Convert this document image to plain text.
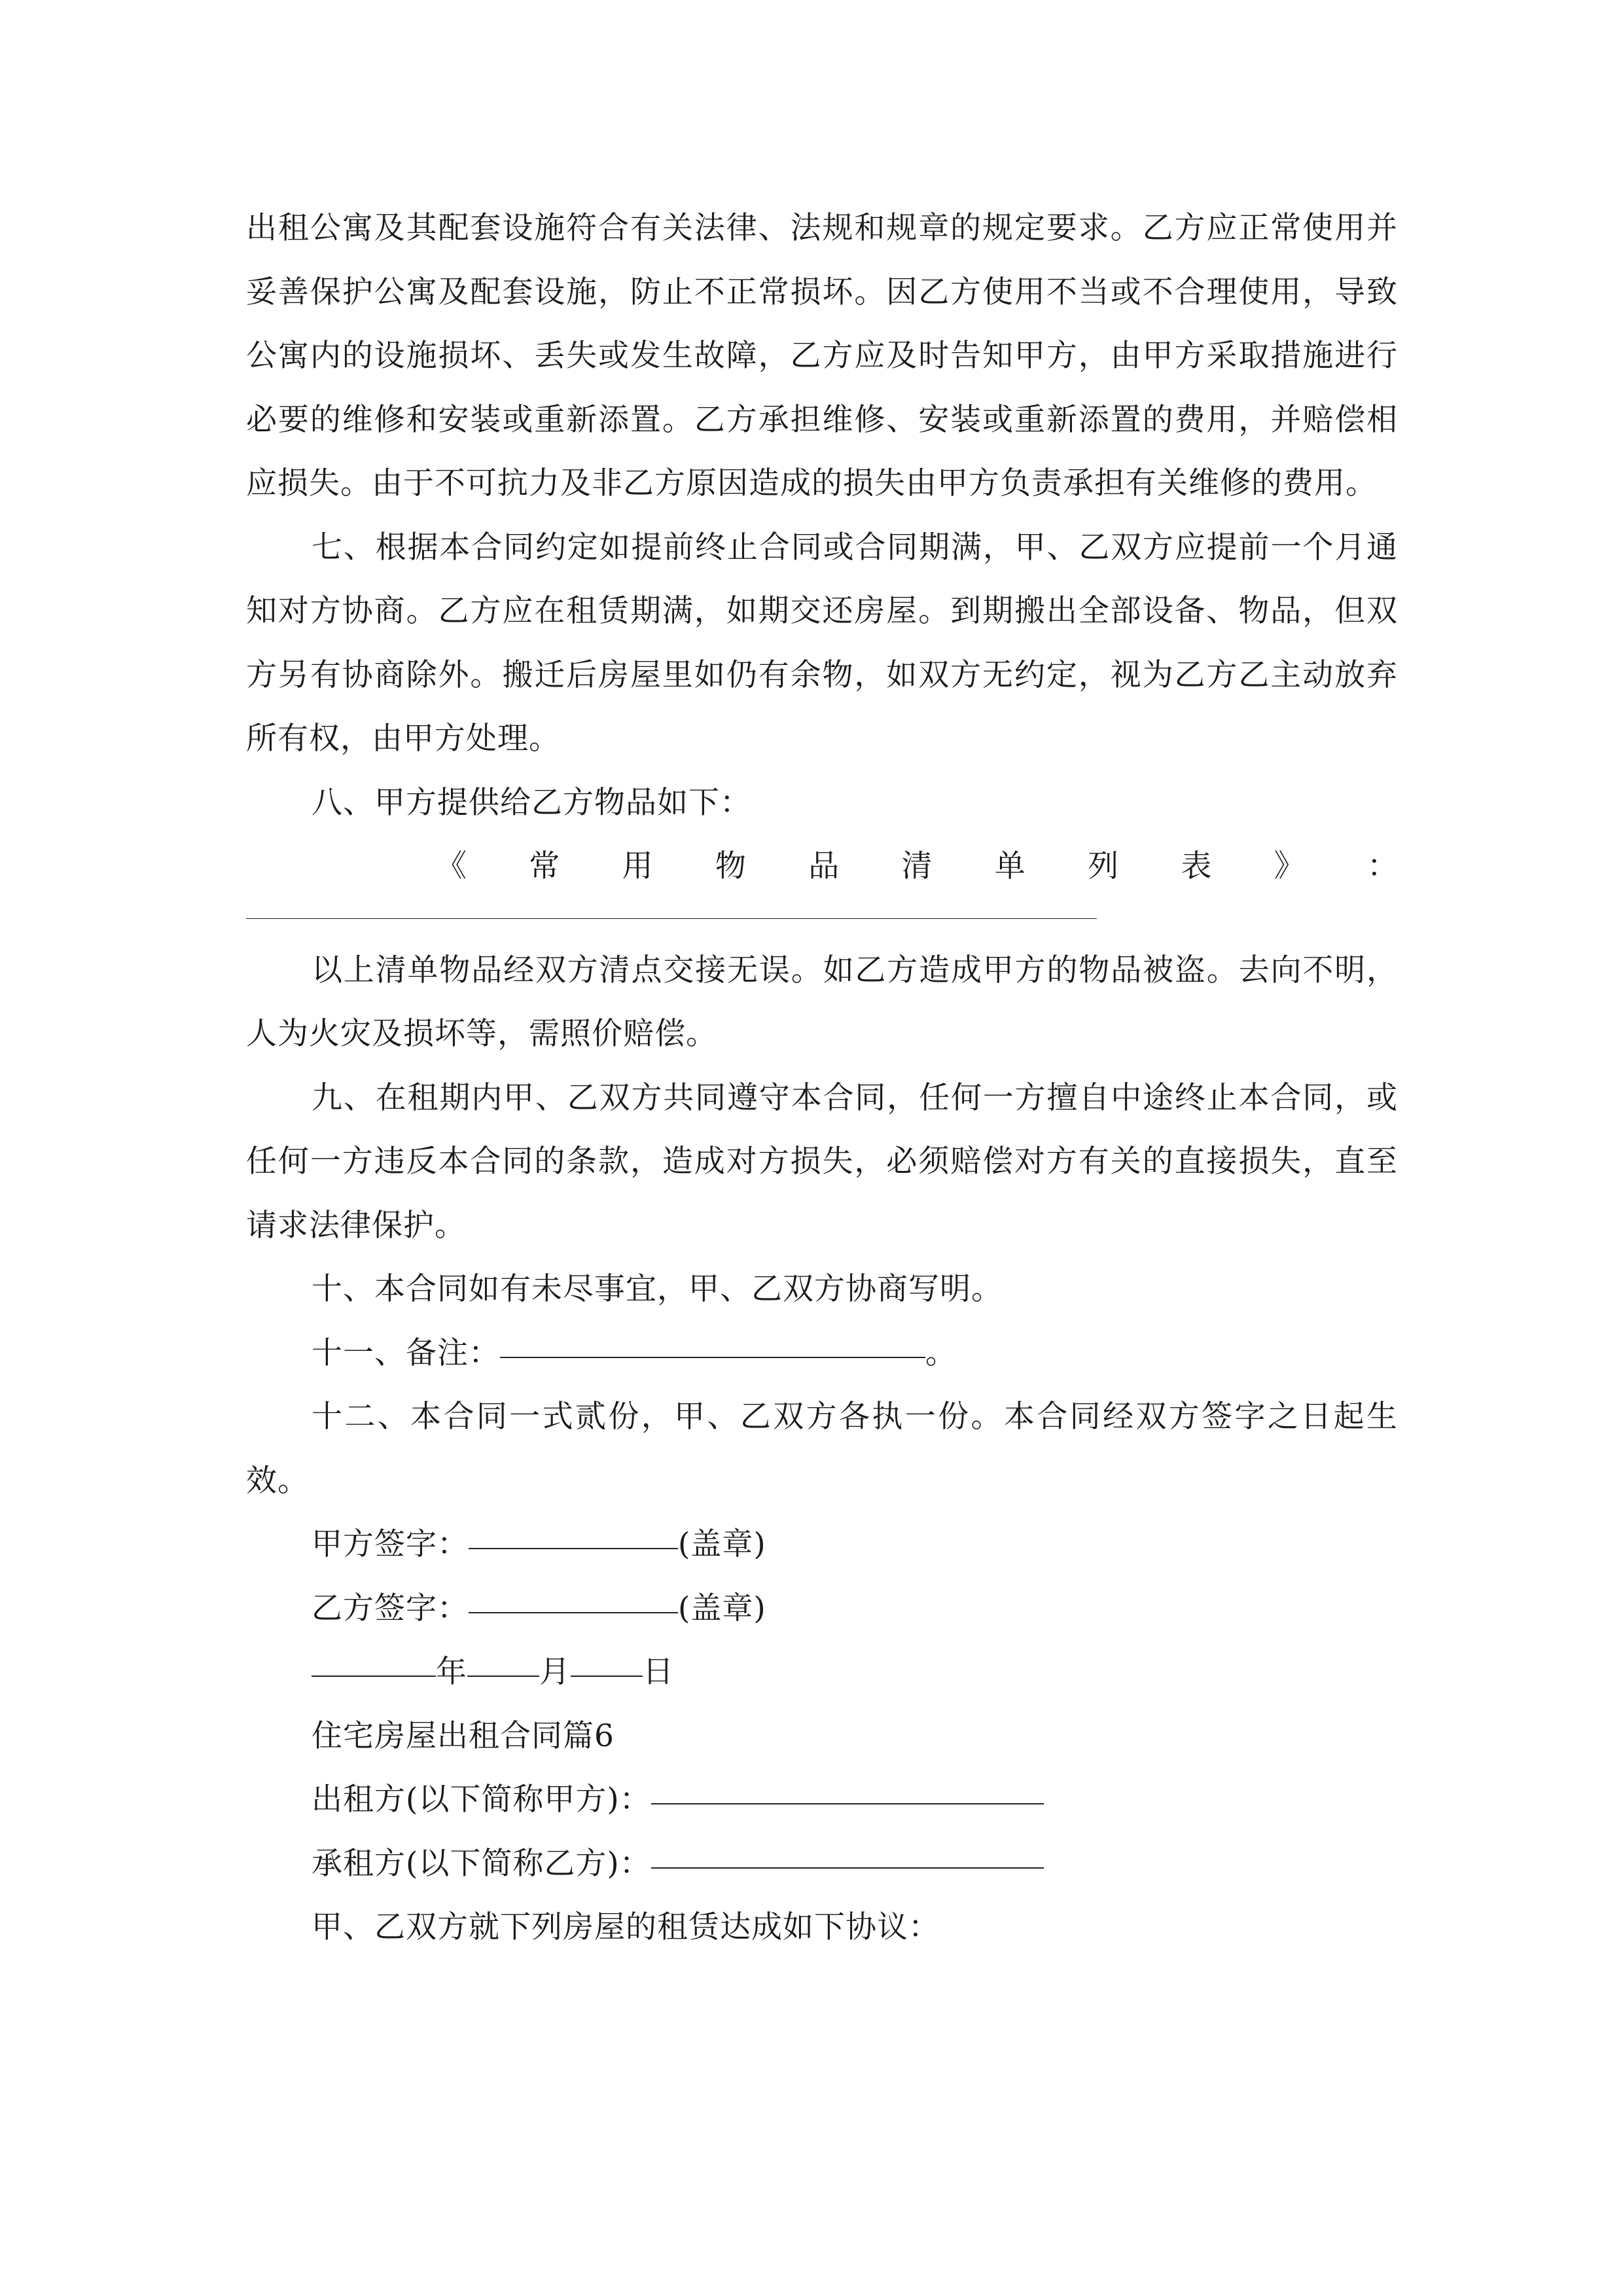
出租公寓及其配套设施符合有关法律、法规和规章的规定要求。乙方应正常使用并妥善保护公寓及配套设施，防止不正常损坏。因乙方使用不当或不合理使用，导致公寓内的设施损坏、丢失或发生故障，乙方应及时告知甲方，由甲方采取措施进行必要的维修和安装或重新添置。乙方承担维修、安装或重新添置的费用，并赔偿相应损失。由于不可抗力及非乙方原因造成的损失由甲方负责承担有关维修的费用。

七、根据本合同约定如提前终止合同或合同期满，甲、乙双方应提前一个月通知对方协商。乙方应在租赁期满，如期交还房屋。到期搬出全部设备、物品，但双方另有协商除外。搬迁后房屋里如仍有余物，如双方无约定，视为乙方乙主动放弃所有权，由甲方处理。

八、甲方提供给乙方物品如下：

《 常 用 物 品 清 单 列 表 》 ：

以上清单物品经双方清点交接无误。如乙方造成甲方的物品被盗。去向不明，人为火灾及损坏等，需照价赔偿。

九、在租期内甲、乙双方共同遵守本合同，任何一方擅自中途终止本合同，或任何一方违反本合同的条款，造成对方损失，必须赔偿对方有关的直接损失，直至请求法律保护。

十、本合同如有未尽事宜，甲、乙双方协商写明。

十一、备注：	。

十二、本合同一式贰份，甲、乙双方各执一份。本合同经双方签字之日起生效。

甲方签字：	(盖章)
乙方签字：	(盖章)
年 月 日
住宅房屋出租合同篇6
出租方(以下简称甲方)：
承租方(以下简称乙方)：
甲、乙双方就下列房屋的租赁达成如下协议：
